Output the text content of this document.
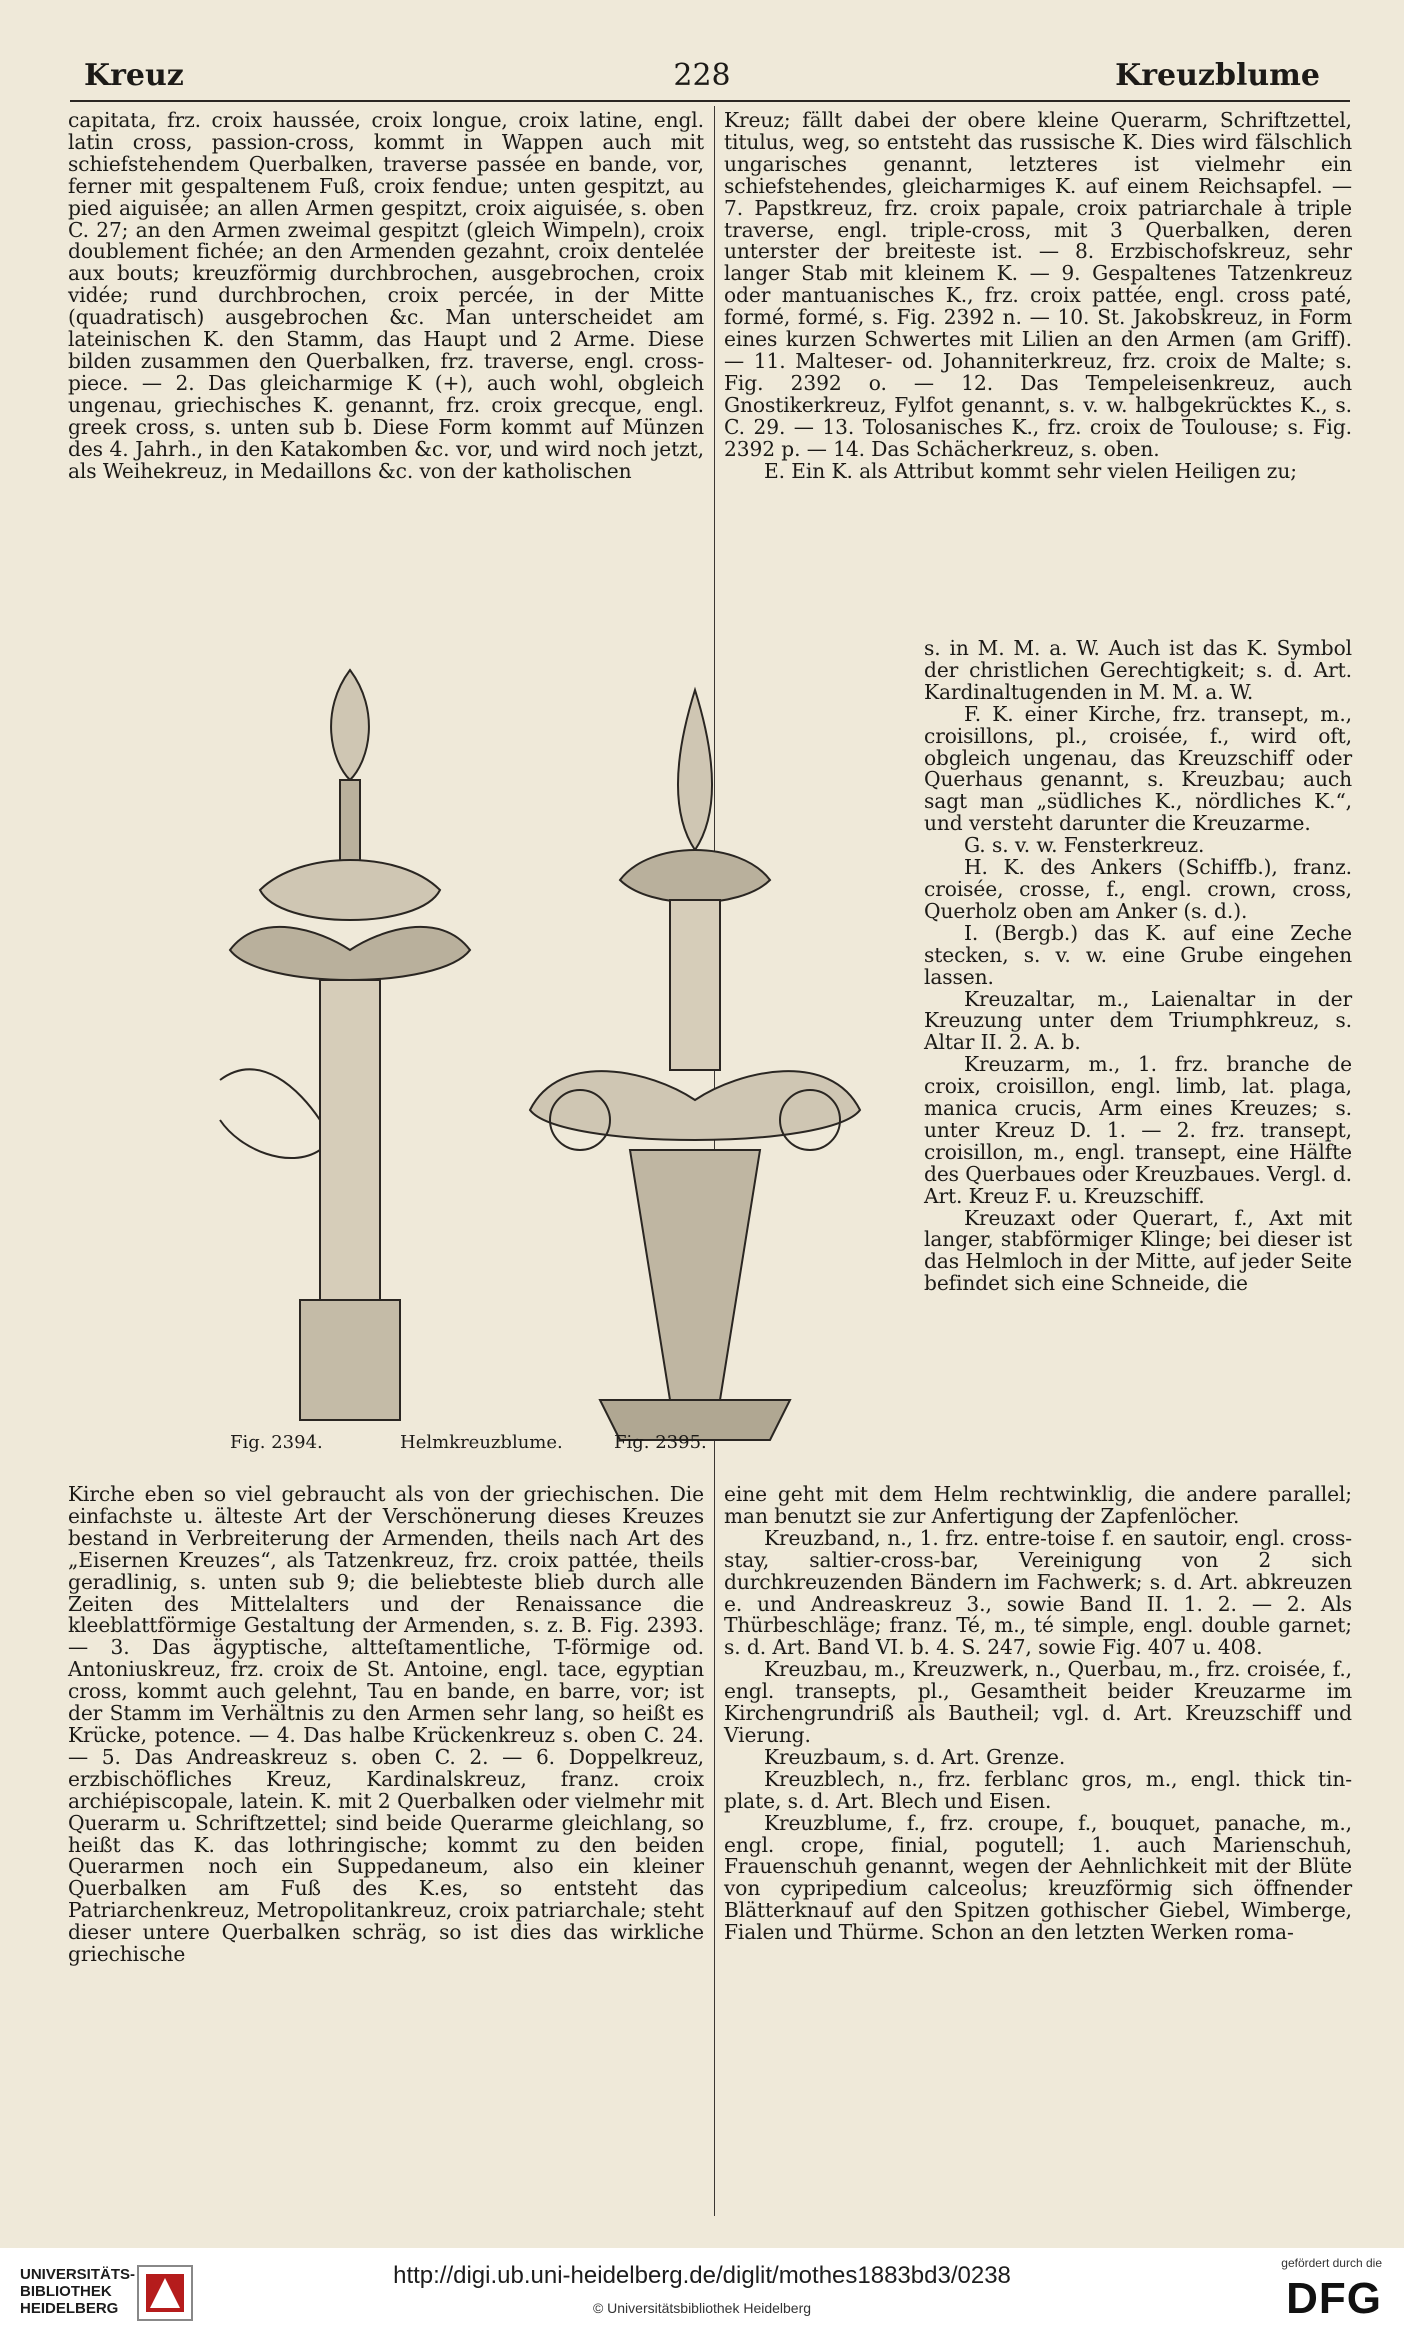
Kreuz	228	Kreuzblume

capitata, frz. croix haussée, croix longue, croix latine, engl. latin cross, passion-cross, kommt in Wappen auch mit schiefstehendem Querbalken, traverse passée en bande, vor, ferner mit gespaltenem Fuß, croix fendue; unten gespitzt, au pied aiguisée; an allen Armen gespitzt, croix aiguisée, s. oben C. 27; an den Armen zweimal gespitzt (gleich Wimpeln), croix doublement fichée; an den Armenden gezahnt, croix dentelée aux bouts; kreuzförmig durchbrochen, ausgebrochen, croix vidée; rund durchbrochen, croix percée, in der Mitte (quadratisch) ausgebrochen &c. Man unterscheidet am lateinischen K. den Stamm, das Haupt und 2 Arme. Diese bilden zusammen den Querbalken, frz. traverse, engl. cross-piece. — 2. Das gleicharmige K (+), auch wohl, obgleich ungenau, griechisches K. genannt, frz. croix grecque, engl. greek cross, s. unten sub b. Diese Form kommt auf Münzen des 4. Jahrh., in den Katakomben &c. vor, und wird noch jetzt, als Weihekreuz, in Medaillons &c. von der katholischen

Kreuz; fällt dabei der obere kleine Querarm, Schriftzettel, titulus, weg, so entsteht das russische K. Dies wird fälschlich ungarisches genannt, letzteres ist vielmehr ein schiefstehendes, gleicharmiges K. auf einem Reichsapfel. — 7. Papstkreuz, frz. croix papale, croix patriarchale à triple traverse, engl. triple-cross, mit 3 Querbalken, deren unterster der breiteste ist. — 8. Erzbischofskreuz, sehr langer Stab mit kleinem K. — 9. Gespaltenes Tatzenkreuz oder mantuanisches K., frz. croix pattée, engl. cross paté, formé, formé, s. Fig. 2392 n. — 10. St. Jakobskreuz, in Form eines kurzen Schwertes mit Lilien an den Armen (am Griff). — 11. Malteser- od. Johanniterkreuz, frz. croix de Malte; s. Fig. 2392 o. — 12. Das Tempeleisenkreuz, auch Gnostikerkreuz, Fylfot genannt, s. v. w. halbgekrücktes K., s. C. 29. — 13. Tolosanisches K., frz. croix de Toulouse; s. Fig. 2392 p. — 14. Das Schächerkreuz, s. oben.

E. Ein K. als Attribut kommt sehr vielen Heiligen zu;

s. in M. M. a. W. Auch ist das K. Symbol der christlichen Gerechtigkeit; s. d. Art. Kardinaltugenden in M. M. a. W.

F. K. einer Kirche, frz. transept, m., croisillons, pl., croisée, f., wird oft, obgleich ungenau, das Kreuzschiff oder Querhaus genannt, s. Kreuzbau; auch sagt man „südliches K., nördliches K.“, und versteht darunter die Kreuzarme.

G. s. v. w. Fensterkreuz.

H. K. des Ankers (Schiffb.), franz. croisée, crosse, f., engl. crown, cross, Querholz oben am Anker (s. d.).

I. (Bergb.) das K. auf eine Zeche stecken, s. v. w. eine Grube eingehen lassen.

Kreuzaltar, m., Laienaltar in der Kreuzung unter dem Triumphkreuz, s. Altar II. 2. A. b.

Kreuzarm, m., 1. frz. branche de croix, croisillon, engl. limb, lat. plaga, manica crucis, Arm eines Kreuzes; s. unter Kreuz D. 1. — 2. frz. transept, croisillon, m., engl. transept, eine Hälfte des Querbaues oder Kreuzbaues. Vergl. d. Art. Kreuz F. u. Kreuzschiff.

Kreuzaxt oder Querart, f., Axt mit langer, stabförmiger Klinge; bei dieser ist das Helmloch in der Mitte, auf jeder Seite befindet sich eine Schneide, die

Fig. 2394.	Helmkreuzblume.	Fig. 2395.

Kirche eben so viel gebraucht als von der griechischen. Die einfachste u. älteste Art der Verschönerung dieses Kreuzes bestand in Verbreiterung der Armenden, theils nach Art des „Eisernen Kreuzes“, als Tatzenkreuz, frz. croix pattée, theils geradlinig, s. unten sub 9; die beliebteste blieb durch alle Zeiten des Mittelalters und der Renaissance die kleeblattförmige Gestaltung der Armenden, s. z. B. Fig. 2393. — 3. Das ägyptische, altteſtamentliche, T-förmige od. Antoniuskreuz, frz. croix de St. Antoine, engl. tace, egyptian cross, kommt auch gelehnt, Tau en bande, en barre, vor; ist der Stamm im Verhältnis zu den Armen sehr lang, so heißt es Krücke, potence. — 4. Das halbe Krückenkreuz s. oben C. 24. — 5. Das Andreaskreuz s. oben C. 2. — 6. Doppelkreuz, erzbischöfliches Kreuz, Kardinalskreuz, franz. croix archiépiscopale, latein. K. mit 2 Querbalken oder vielmehr mit Querarm u. Schriftzettel; sind beide Querarme gleichlang, so heißt das K. das lothringische; kommt zu den beiden Querarmen noch ein Suppedaneum, also ein kleiner Querbalken am Fuß des K.es, so entsteht das Patriarchenkreuz, Metropolitankreuz, croix patriarchale; steht dieser untere Querbalken schräg, so ist dies das wirkliche griechische

eine geht mit dem Helm rechtwinklig, die andere parallel; man benutzt sie zur Anfertigung der Zapfenlöcher.

Kreuzband, n., 1. frz. entre-toise f. en sautoir, engl. cross-stay, saltier-cross-bar, Vereinigung von 2 sich durchkreuzenden Bändern im Fachwerk; s. d. Art. abkreuzen e. und Andreaskreuz 3., sowie Band II. 1. 2. — 2. Als Thürbeschläge; franz. Té, m., té simple, engl. double garnet; s. d. Art. Band VI. b. 4. S. 247, sowie Fig. 407 u. 408.

Kreuzbau, m., Kreuzwerk, n., Querbau, m., frz. croisée, f., engl. transepts, pl., Gesamtheit beider Kreuzarme im Kirchengrundriß als Bautheil; vgl. d. Art. Kreuzschiff und Vierung.

Kreuzbaum, s. d. Art. Grenze.

Kreuzblech, n., frz. ferblanc gros, m., engl. thick tin-plate, s. d. Art. Blech und Eisen.

Kreuzblume, f., frz. croupe, f., bouquet, panache, m., engl. crope, finial, pogutell; 1. auch Marienschuh, Frauenschuh genannt, wegen der Aehnlichkeit mit der Blüte von cypripedium calceolus; kreuzförmig sich öffnender Blätterknauf auf den Spitzen gothischer Giebel, Wimberge, Fialen und Thürme. Schon an den letzten Werken roma-

UNIVERSITÄTS-
BIBLIOTHEK
HEIDELBERG
http://digi.ub.uni-heidelberg.de/diglit/mothes1883bd3/0238
© Universitätsbibliothek Heidelberg
gefördert durch die
DFG
